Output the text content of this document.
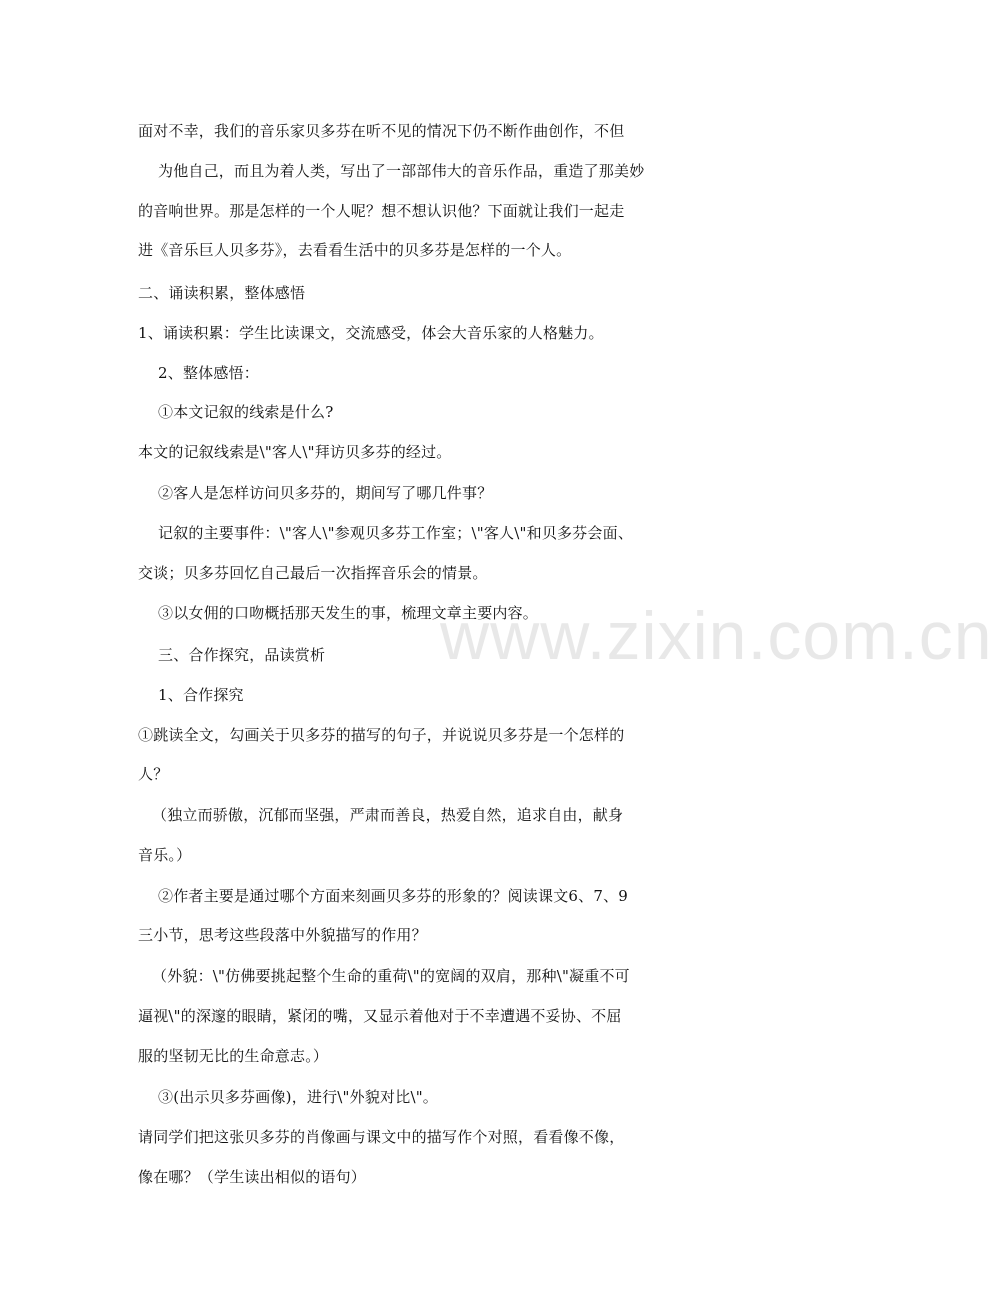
面对不幸，我们的音乐家贝多芬在听不见的情况下仍不断作曲创作，不但
为他自己，而且为着人类，写出了一部部伟大的音乐作品，重造了那美妙
的音响世界。那是怎样的一个人呢？想不想认识他？下面就让我们一起走
进《音乐巨人贝多芬》，去看看生活中的贝多芬是怎样的一个人。
二、诵读积累，整体感悟
1、诵读积累：学生比读课文，交流感受，体会大音乐家的人格魅力。
2、整体感悟：
①本文记叙的线索是什么?
本文的记叙线索是\"客人\"拜访贝多芬的经过。
②客人是怎样访问贝多芬的，期间写了哪几件事？
记叙的主要事件：\"客人\"参观贝多芬工作室；\"客人\"和贝多芬会面、
交谈；贝多芬回忆自己最后一次指挥音乐会的情景。
③以女佣的口吻概括那天发生的事，梳理文章主要内容。
三、合作探究，品读赏析
1、合作探究
①跳读全文，勾画关于贝多芬的描写的句子，并说说贝多芬是一个怎样的
人？
（独立而骄傲，沉郁而坚强，严肃而善良，热爱自然，追求自由，献身
音乐。）
②作者主要是通过哪个方面来刻画贝多芬的形象的？阅读课文6、7、9
三小节，思考这些段落中外貌描写的作用？
（外貌：\"仿佛要挑起整个生命的重荷\"的宽阔的双肩，那种\"凝重不可
逼视\"的深邃的眼睛，紧闭的嘴，又显示着他对于不幸遭遇不妥协、不屈
服的坚韧无比的生命意志。）
③(出示贝多芬画像)，进行\"外貌对比\"。
请同学们把这张贝多芬的肖像画与课文中的描写作个对照，看看像不像，
像在哪？（学生读出相似的语句）
www.zixin.com.cn
